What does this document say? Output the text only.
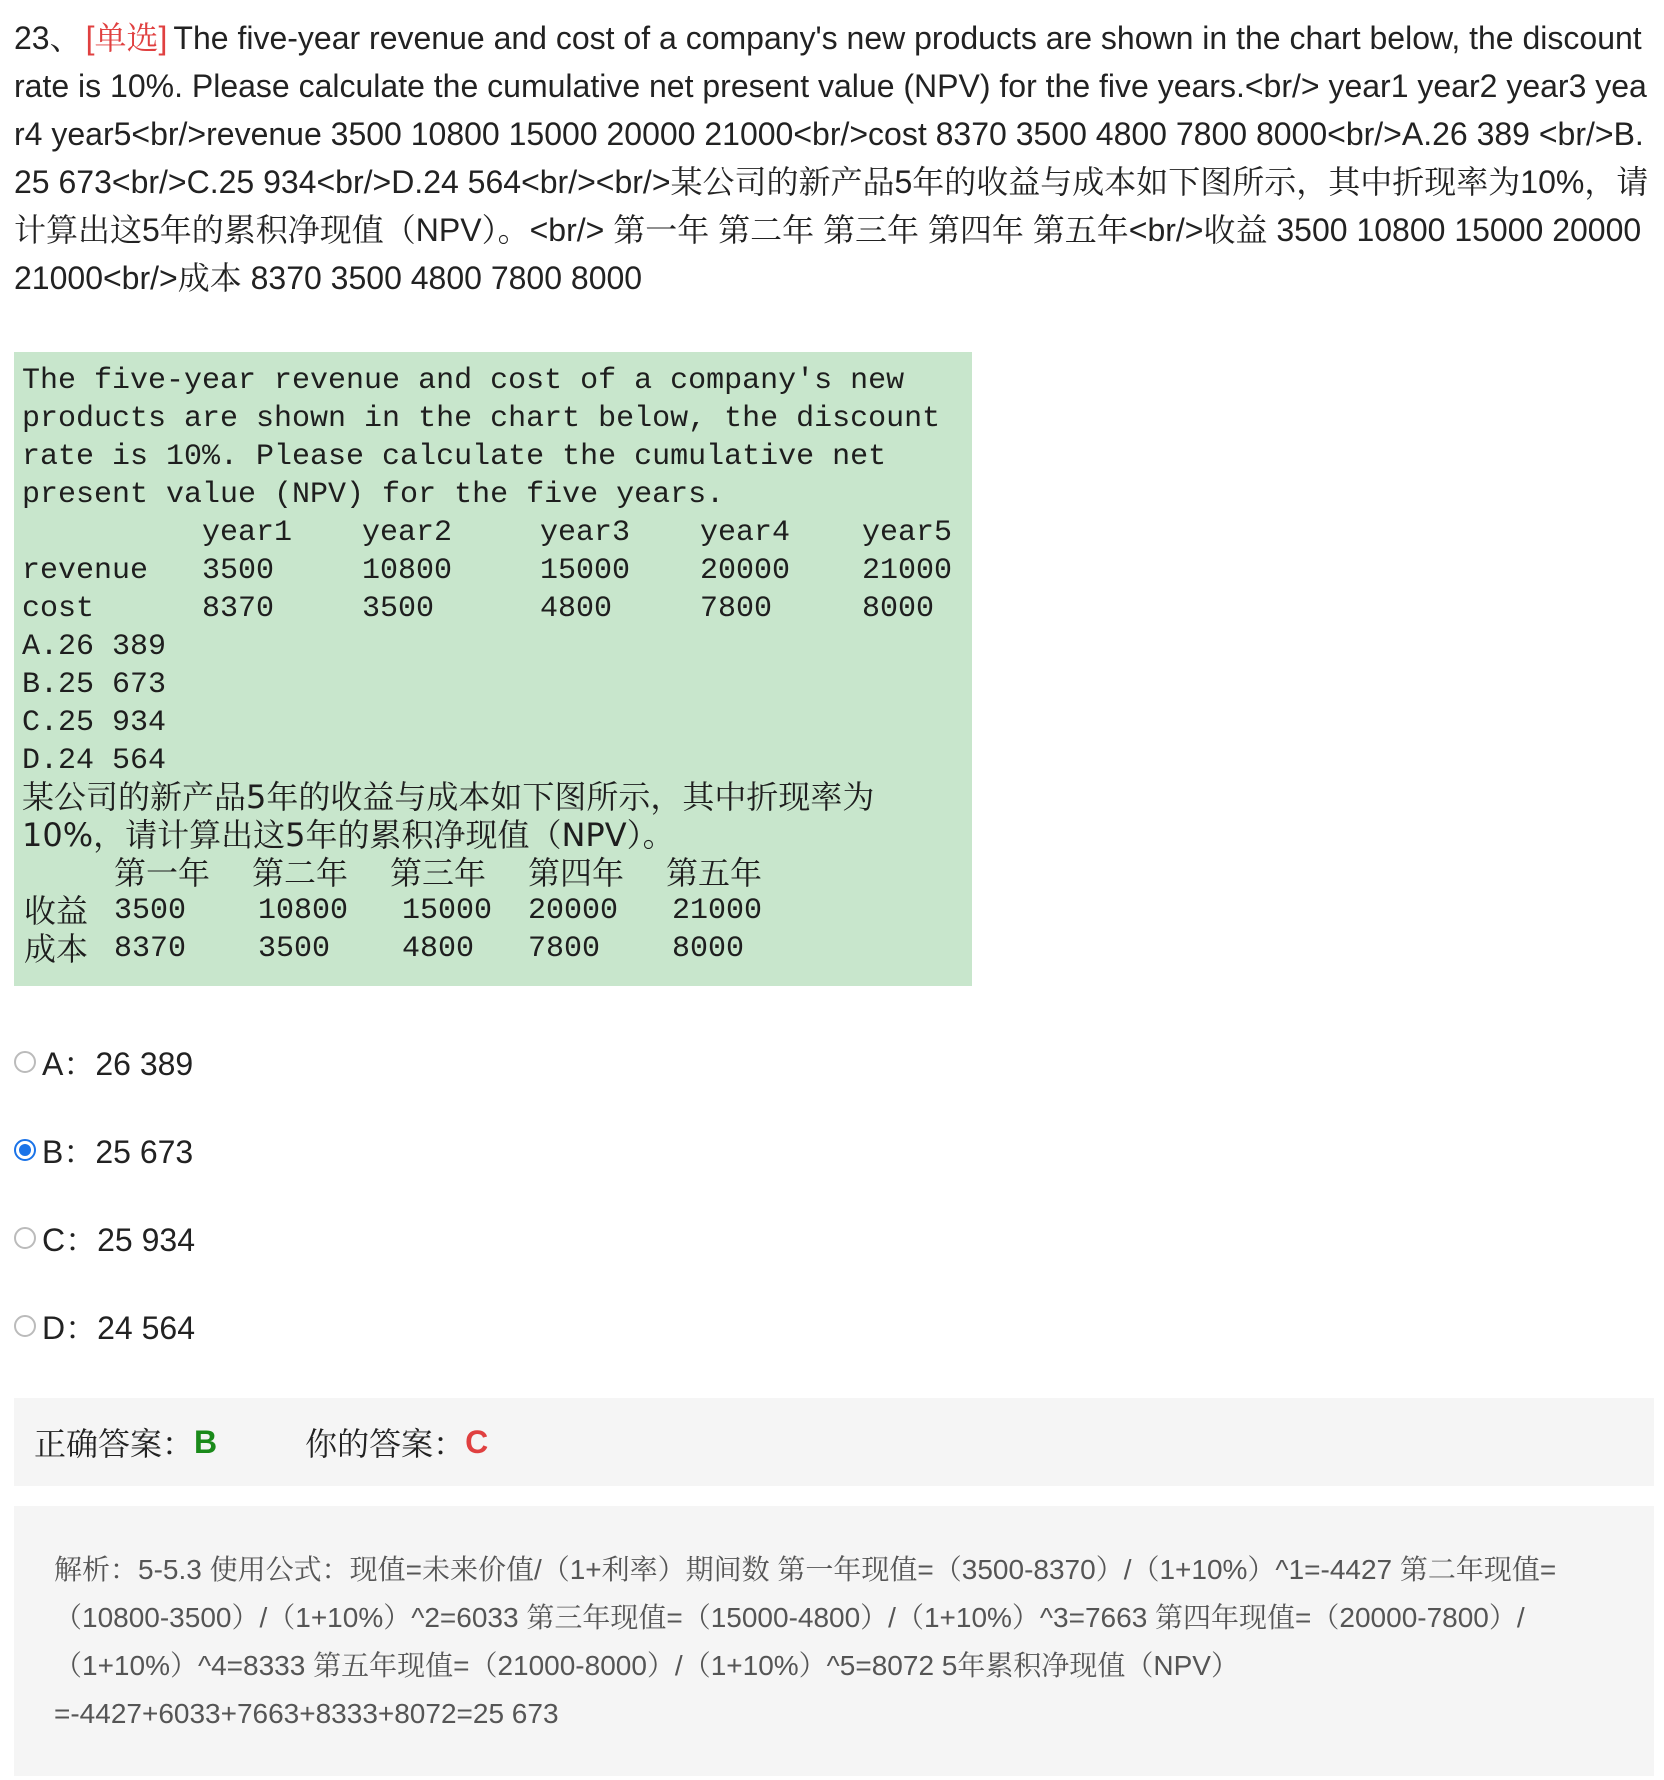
23、 [单选] The five-year revenue and cost of a company's new products are shown in the chart below, the discount rate is 10%. Please calculate the cumulative net present value (NPV) for the five years.<br/> year1 year2 year3 year4 year5<br/>revenue 3500 10800 15000 20000 21000<br/>cost 8370 3500 4800 7800 8000<br/>A.26 389 <br/>B.25 673<br/>C.25 934<br/>D.24 564<br/><br/>某公司的新产品5年的收益与成本如下图所示，其中折现率为10%，请计算出这5年的累积净现值（NPV）。<br/> 第一年 第二年 第三年 第四年 第五年<br/>收益 3500 10800 15000 20000 21000<br/>成本 8370 3500 4800 7800 8000
The five-year revenue and cost of a company's new products are shown in the chart below, the discount rate is 10%. Please calculate the cumulative net present value (NPV) for the five years.
year1 year2	year3 year4 year5
revenue 3500	10800	15000 20000 21000
cost	8370	3500	4800	7800	8000
A.26 389
B.25 673
C.25 934
D.24 564
某公司的新产品5年的收益与成本如下图所示，其中折现率为10%，请计算出这5年的累积净现值（NPV）。
第一年 第二年 第三年 第四年 第五年
收益 3500 10800 15000 20000 21000
成本 8370 3500 4800 7800 8000
A：26 389
B：25 673
C：25 934
D：24 564
正确答案： B	你的答案： C
解析：5-5.3 使用公式：现值=未来价值/（1+利率）期间数 第一年现值=（3500-8370）/（1+10%）^1=-4427 第二年现值=（10800-3500）/（1+10%）^2=6033 第三年现值=（15000-4800）/（1+10%）^3=7663 第四年现值=（20000-7800）/（1+10%）^4=8333 第五年现值=（21000-8000）/（1+10%）^5=8072 5年累积净现值（NPV）=-4427+6033+7663+8333+8072=25 673
